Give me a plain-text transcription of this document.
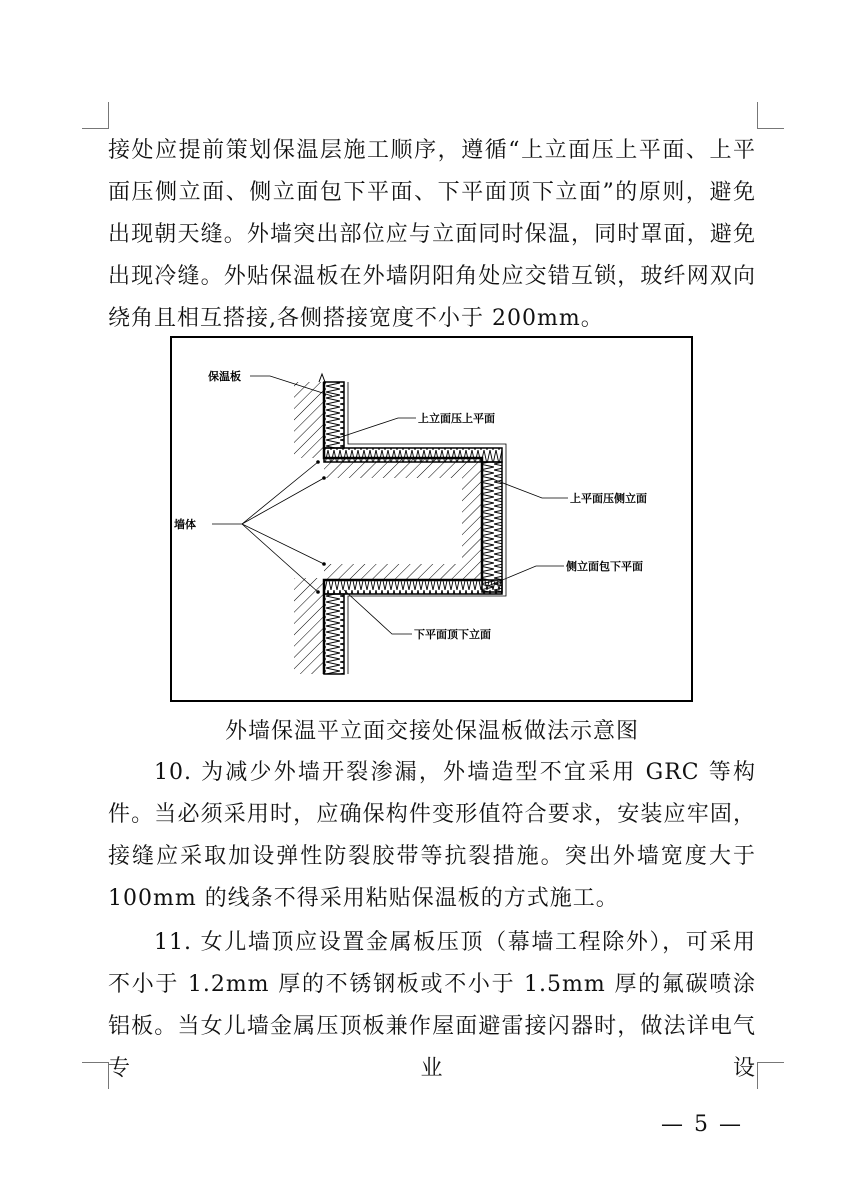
接处应提前策划保温层施工顺序，遵循“上立面压上平面、上平面压侧立面、侧立面包下平面、下平面顶下立面”的原则，避免出现朝天缝。外墙突出部位应与立面同时保温，同时罩面，避免出现冷缝。外贴保温板在外墙阴阳角处应交错互锁，玻纤网双向绕角且相互搭接,各侧搭接宽度不小于 200mm。
保温板
墙体
上立面压上平面
上平面压侧立面
侧立面包下平面
下平面顶下立面
外墙保温平立面交接处保温板做法示意图
10. 为减少外墙开裂渗漏，外墙造型不宜采用 GRC 等构件。当必须采用时，应确保构件变形值符合要求，安装应牢固，接缝应采取加设弹性防裂胶带等抗裂措施。突出外墙宽度大于 100mm 的线条不得采用粘贴保温板的方式施工。
11. 女儿墙顶应设置金属板压顶（幕墙工程除外），可采用不小于 1.2mm 厚的不锈钢板或不小于 1.5mm 厚的氟碳喷涂铝板。当女儿墙金属压顶板兼作屋面避雷接闪器时，做法详电气专业设
— 5 —
